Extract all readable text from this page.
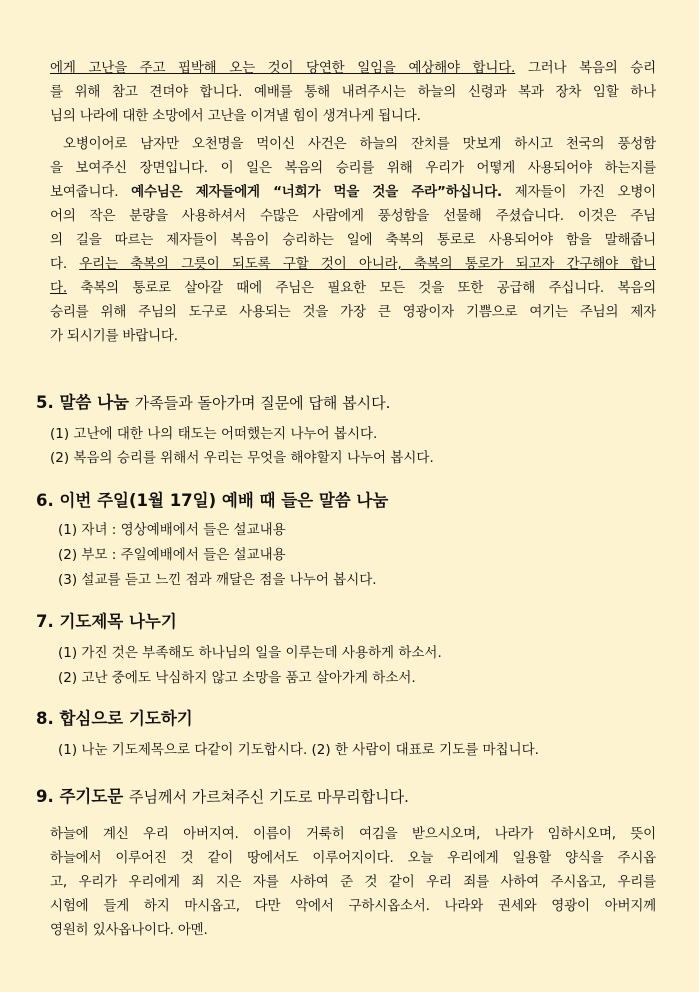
에게 고난을 주고 핍박해 오는 것이 당연한 일임을 예상해야 합니다. 그러나 복음의 승리
를 위해 참고 견뎌야 합니다. 예배를 통해 내려주시는 하늘의 신령과 복과 장차 임할 하나
님의 나라에 대한 소망에서 고난을 이겨낼 힘이 생겨나게 됩니다.
오병이어로 남자만 오천명을 먹이신 사건은 하늘의 잔치를 맛보게 하시고 천국의 풍성함
을 보여주신 장면입니다. 이 일은 복음의 승리를 위해 우리가 어떻게 사용되어야 하는지를
보여줍니다. 예수님은 제자들에게 “너희가 먹을 것을 주라”하십니다. 제자들이 가진 오병이
어의 작은 분량을 사용하셔서 수많은 사람에게 풍성함을 선물해 주셨습니다. 이것은 주님
의 길을 따르는 제자들이 복음이 승리하는 일에 축복의 통로로 사용되어야 함을 말해줍니
다. 우리는 축복의 그릇이 되도록 구할 것이 아니라, 축복의 통로가 되고자 간구해야 합니
다. 축복의 통로로 살아갈 때에 주님은 필요한 모든 것을 또한 공급해 주십니다. 복음의
승리를 위해 주님의 도구로 사용되는 것을 가장 큰 영광이자 기쁨으로 여기는 주님의 제자
가 되시기를 바랍니다.
5. 말씀 나눔 가족들과 돌아가며 질문에 답해 봅시다.
(1) 고난에 대한 나의 태도는 어떠했는지 나누어 봅시다.
(2) 복음의 승리를 위해서 우리는 무엇을 해야할지 나누어 봅시다.
6. 이번 주일(1월 17일) 예배 때 들은 말씀 나눔
(1) 자녀 : 영상예배에서 들은 설교내용
(2) 부모 : 주일예배에서 들은 설교내용
(3) 설교를 듣고 느낀 점과 깨달은 점을 나누어 봅시다.
7. 기도제목 나누기
(1) 가진 것은 부족해도 하나님의 일을 이루는데 사용하게 하소서.
(2) 고난 중에도 낙심하지 않고 소망을 품고 살아가게 하소서.
8. 합심으로 기도하기
(1) 나눈 기도제목으로 다같이 기도합시다. (2) 한 사람이 대표로 기도를 마칩니다.
9. 주기도문 주님께서 가르쳐주신 기도로 마무리합니다.
하늘에 계신 우리 아버지여. 이름이 거룩히 여김을 받으시오며, 나라가 임하시오며, 뜻이
하늘에서 이루어진 것 같이 땅에서도 이루어지이다. 오늘 우리에게 일용할 양식을 주시옵
고, 우리가 우리에게 죄 지은 자를 사하여 준 것 같이 우리 죄를 사하여 주시옵고, 우리를
시험에 들게 하지 마시옵고, 다만 악에서 구하시옵소서. 나라와 권세와 영광이 아버지께
영원히 있사옵나이다. 아멘.
